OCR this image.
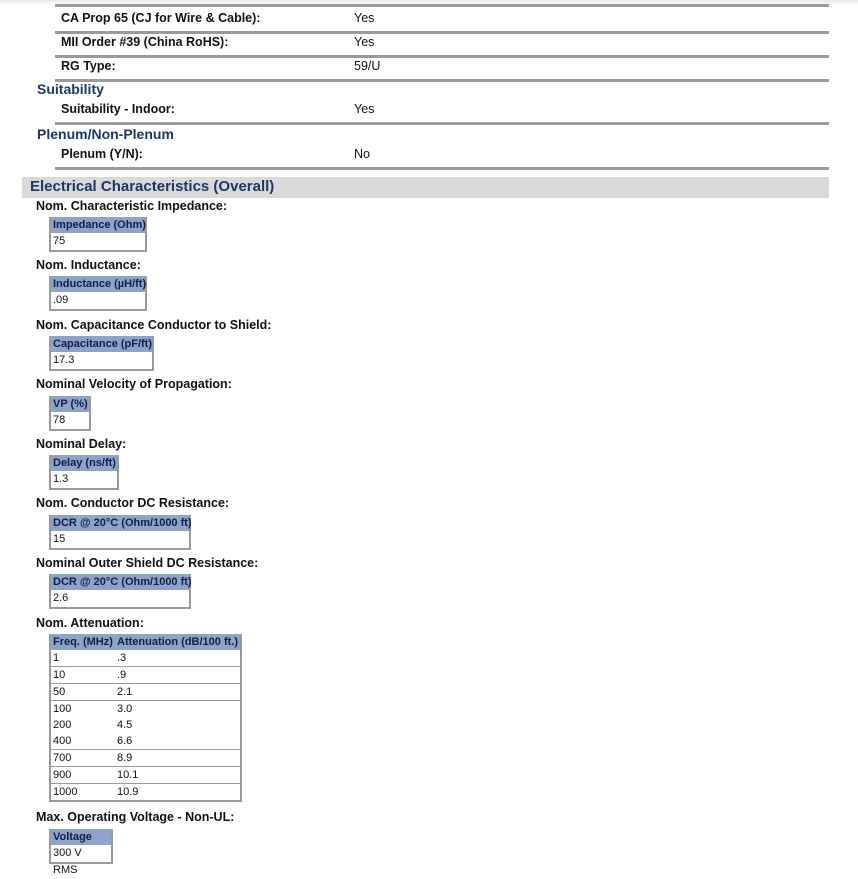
CA Prop 65 (CJ for Wire & Cable):	Yes
MII Order #39 (China RoHS):	Yes
RG Type:	59/U
Suitability
Suitability - Indoor:	Yes
Plenum/Non-Plenum
Plenum (Y/N):	No
Electrical Characteristics (Overall)
Nom. Characteristic Impedance:
Impedance (Ohm)
75
Nom. Inductance:
Inductance (µH/ft)
.09
Nom. Capacitance Conductor to Shield:
Capacitance (pF/ft)
17.3
Nominal Velocity of Propagation:
VP (%)
78
Nominal Delay:
Delay (ns/ft)
1.3
Nom. Conductor DC Resistance:
DCR @ 20°C (Ohm/1000 ft)
15
Nominal Outer Shield DC Resistance:
DCR @ 20°C (Ohm/1000 ft)
2.6
Nom. Attenuation:
Freq. (MHz)	Attenuation (dB/100 ft.)
1	.3
10	.9
50	2.1
100	3.0
200	4.5
400	6.6
700	8.9
900	10.1
1000	10.9
Max. Operating Voltage - Non-UL:
Voltage
300 V RMS
